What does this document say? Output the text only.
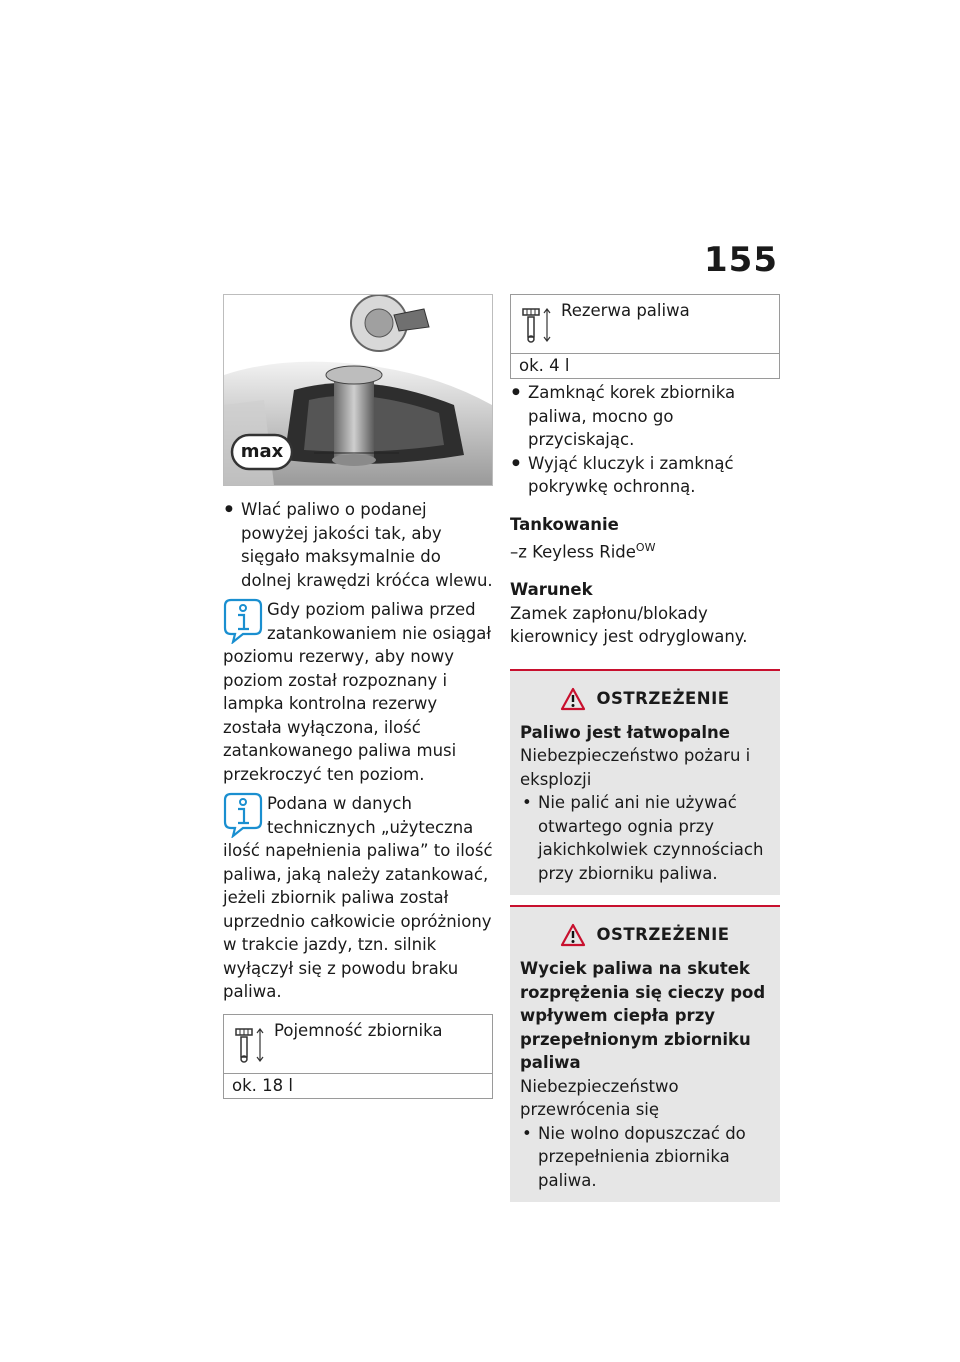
155
max
● Wlać paliwo o podanej powyżej jakości tak, aby sięgało maksymalnie do dolnej krawędzi króćca wlewu.
Gdy poziom paliwa przed zatankowaniem nie osiągał poziomu rezerwy, aby nowy poziom został rozpoznany i lampka kontrolna rezerwy została wyłączona, ilość zatankowanego paliwa musi przekroczyć ten poziom.
Podana w danych technicznych „użyteczna ilość napełnienia paliwa” to ilość paliwa, jaką należy zatankować, jeżeli zbiornik paliwa został uprzednio całkowicie opróżniony w trakcie jazdy, tzn. silnik wyłączył się z powodu braku paliwa.
Pojemność zbiornika
ok. 18 l
Rezerwa paliwa
ok. 4 l
● Zamknąć korek zbiornika paliwa, mocno go przyciskając.
● Wyjąć kluczyk i zamknąć pokrywkę ochronną.
Tankowanie
–z Keyless Ride$^{OW}$
Warunek
Zamek zapłonu/blokady kierownicy jest odryglowany.
OSTRZEŻENIE
Paliwo jest łatwopalne
Niebezpieczeństwo pożaru i eksplozji
• Nie palić ani nie używać otwartego ognia przy jakichkolwiek czynnościach przy zbiorniku paliwa.
OSTRZEŻENIE
Wyciek paliwa na skutek rozprężenia się cieczy pod wpływem ciepła przy przepełnionym zbiorniku paliwa
Niebezpieczeństwo przewrócenia się
• Nie wolno dopuszczać do przepełnienia zbiornika paliwa.
